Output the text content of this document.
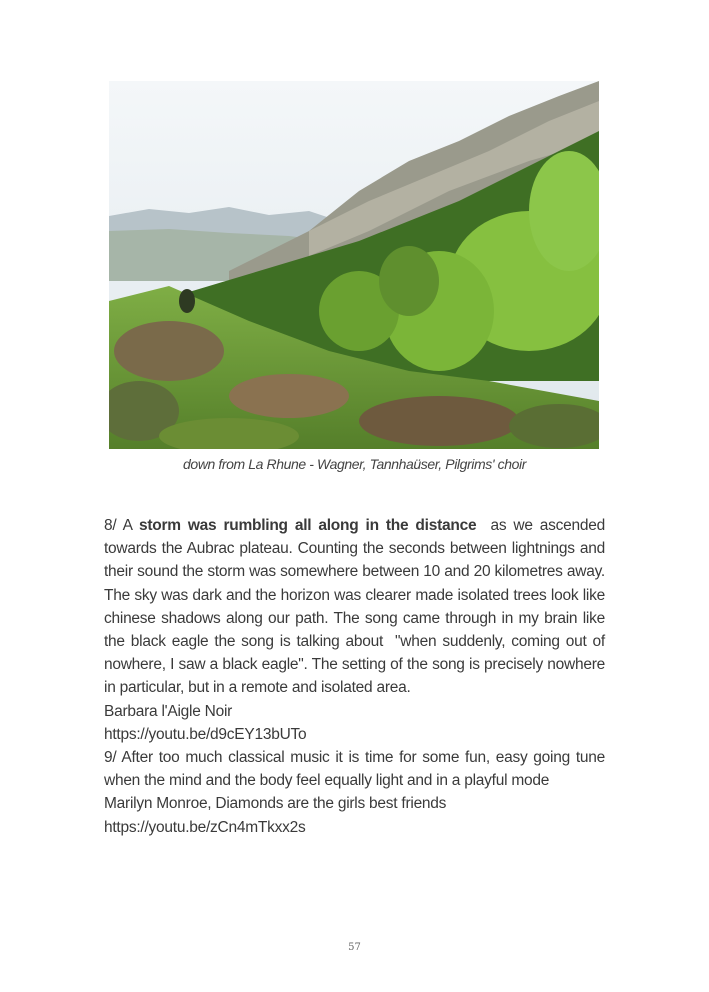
down from La Rhune - Wagner, Tannhaüser, Pilgrims' choir

8/ A storm was rumbling all along in the distance  as we ascended towards the Aubrac plateau. Counting the seconds between lightnings and their sound the storm was somewhere between 10 and 20 kilometres away. The sky was dark and the horizon was clearer made isolated trees look like chinese shadows along our path. The song came through in my brain like the black eagle the song is talking about  "when suddenly, coming out of nowhere, I saw a black eagle". The setting of the song is precisely nowhere in particular, but in a remote and isolated area.

Barbara l'Aigle Noir

https://youtu.be/d9cEY13bUTo

9/ After too much classical music it is time for some fun, easy going tune when the mind and the body feel equally light and in a playful mode

Marilyn Monroe, Diamonds are the girls best friends

https://youtu.be/zCn4mTkxx2s

57
